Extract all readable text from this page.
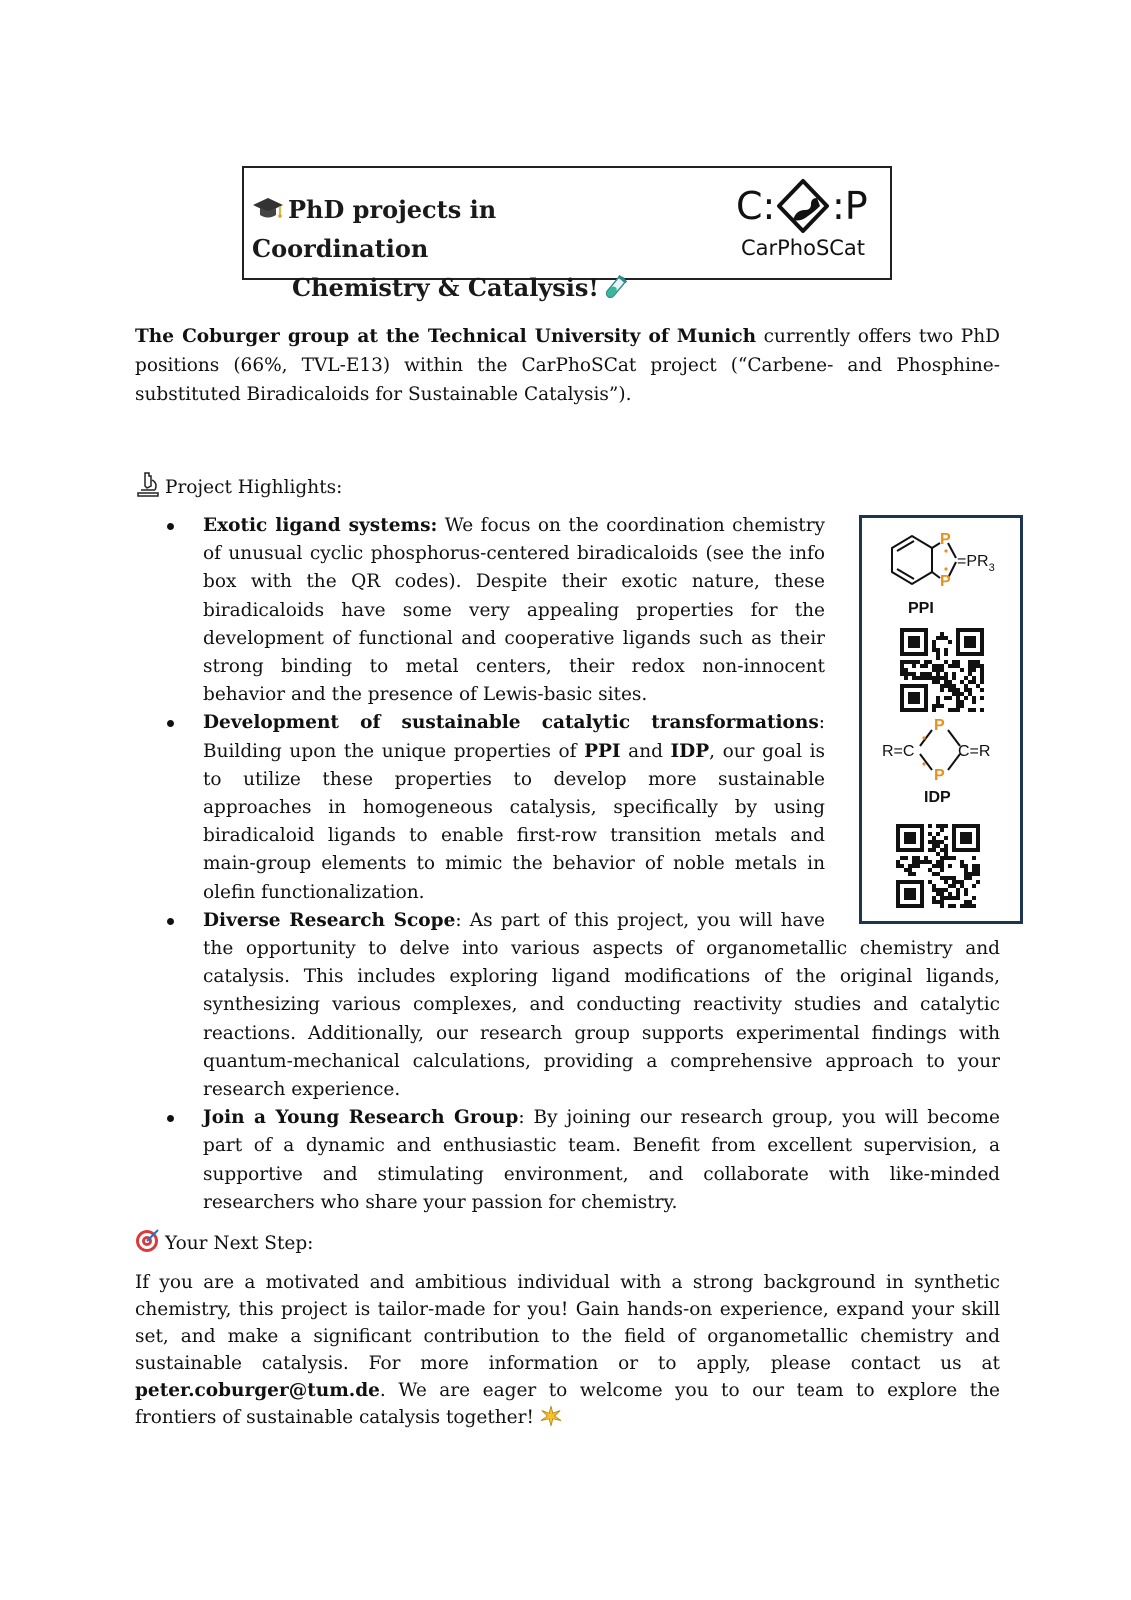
PhD projects in Coordination
Chemistry & Catalysis!
C: :P
CarPhoSCat
The Coburger group at the Technical University of Munich currently offers two PhD positions (66%, TVL-E13) within the CarPhoSCat project (“Carbene- and Phosphine-substituted Biradicaloids for Sustainable Catalysis”).
Project Highlights:
Exotic ligand systems: We focus on the coordination chemistry of unusual cyclic phosphorus-centered biradicaloids (see the info box with the QR codes). Despite their exotic nature, these biradicaloids have some very appealing properties for the development of functional and cooperative ligands such as their strong binding to metal centers, their redox non-innocent behavior and the presence of Lewis-basic sites.
Development of sustainable catalytic transformations: Building upon the unique properties of PPI and IDP, our goal is to utilize these properties to develop more sustainable approaches in homogeneous catalysis, specifically by using biradicaloid ligands to enable first-row transition metals and main-group elements to mimic the behavior of noble metals in olefin functionalization.
Diverse Research Scope: As part of this project, you will have the opportunity to delve into various aspects of organometallic chemistry and catalysis. This includes exploring ligand modifications of the original ligands, synthesizing various complexes, and conducting reactivity studies and catalytic reactions. Additionally, our research group supports experimental findings with quantum-mechanical calculations, providing a comprehensive approach to your research experience.
Join a Young Research Group: By joining our research group, you will become part of a dynamic and enthusiastic team. Benefit from excellent supervision, a supportive and stimulating environment, and collaborate with like-minded researchers who share your passion for chemistry.
P
P
$=PR_3$
PPI
P
P
R=C	C=R
IDP
Your Next Step:
If you are a motivated and ambitious individual with a strong background in synthetic chemistry, this project is tailor-made for you! Gain hands-on experience, expand your skill set, and make a significant contribution to the field of organometallic chemistry and sustainable catalysis. For more information or to apply, please contact us at peter.coburger@tum.de. We are eager to welcome you to our team to explore the frontiers of sustainable catalysis together!
